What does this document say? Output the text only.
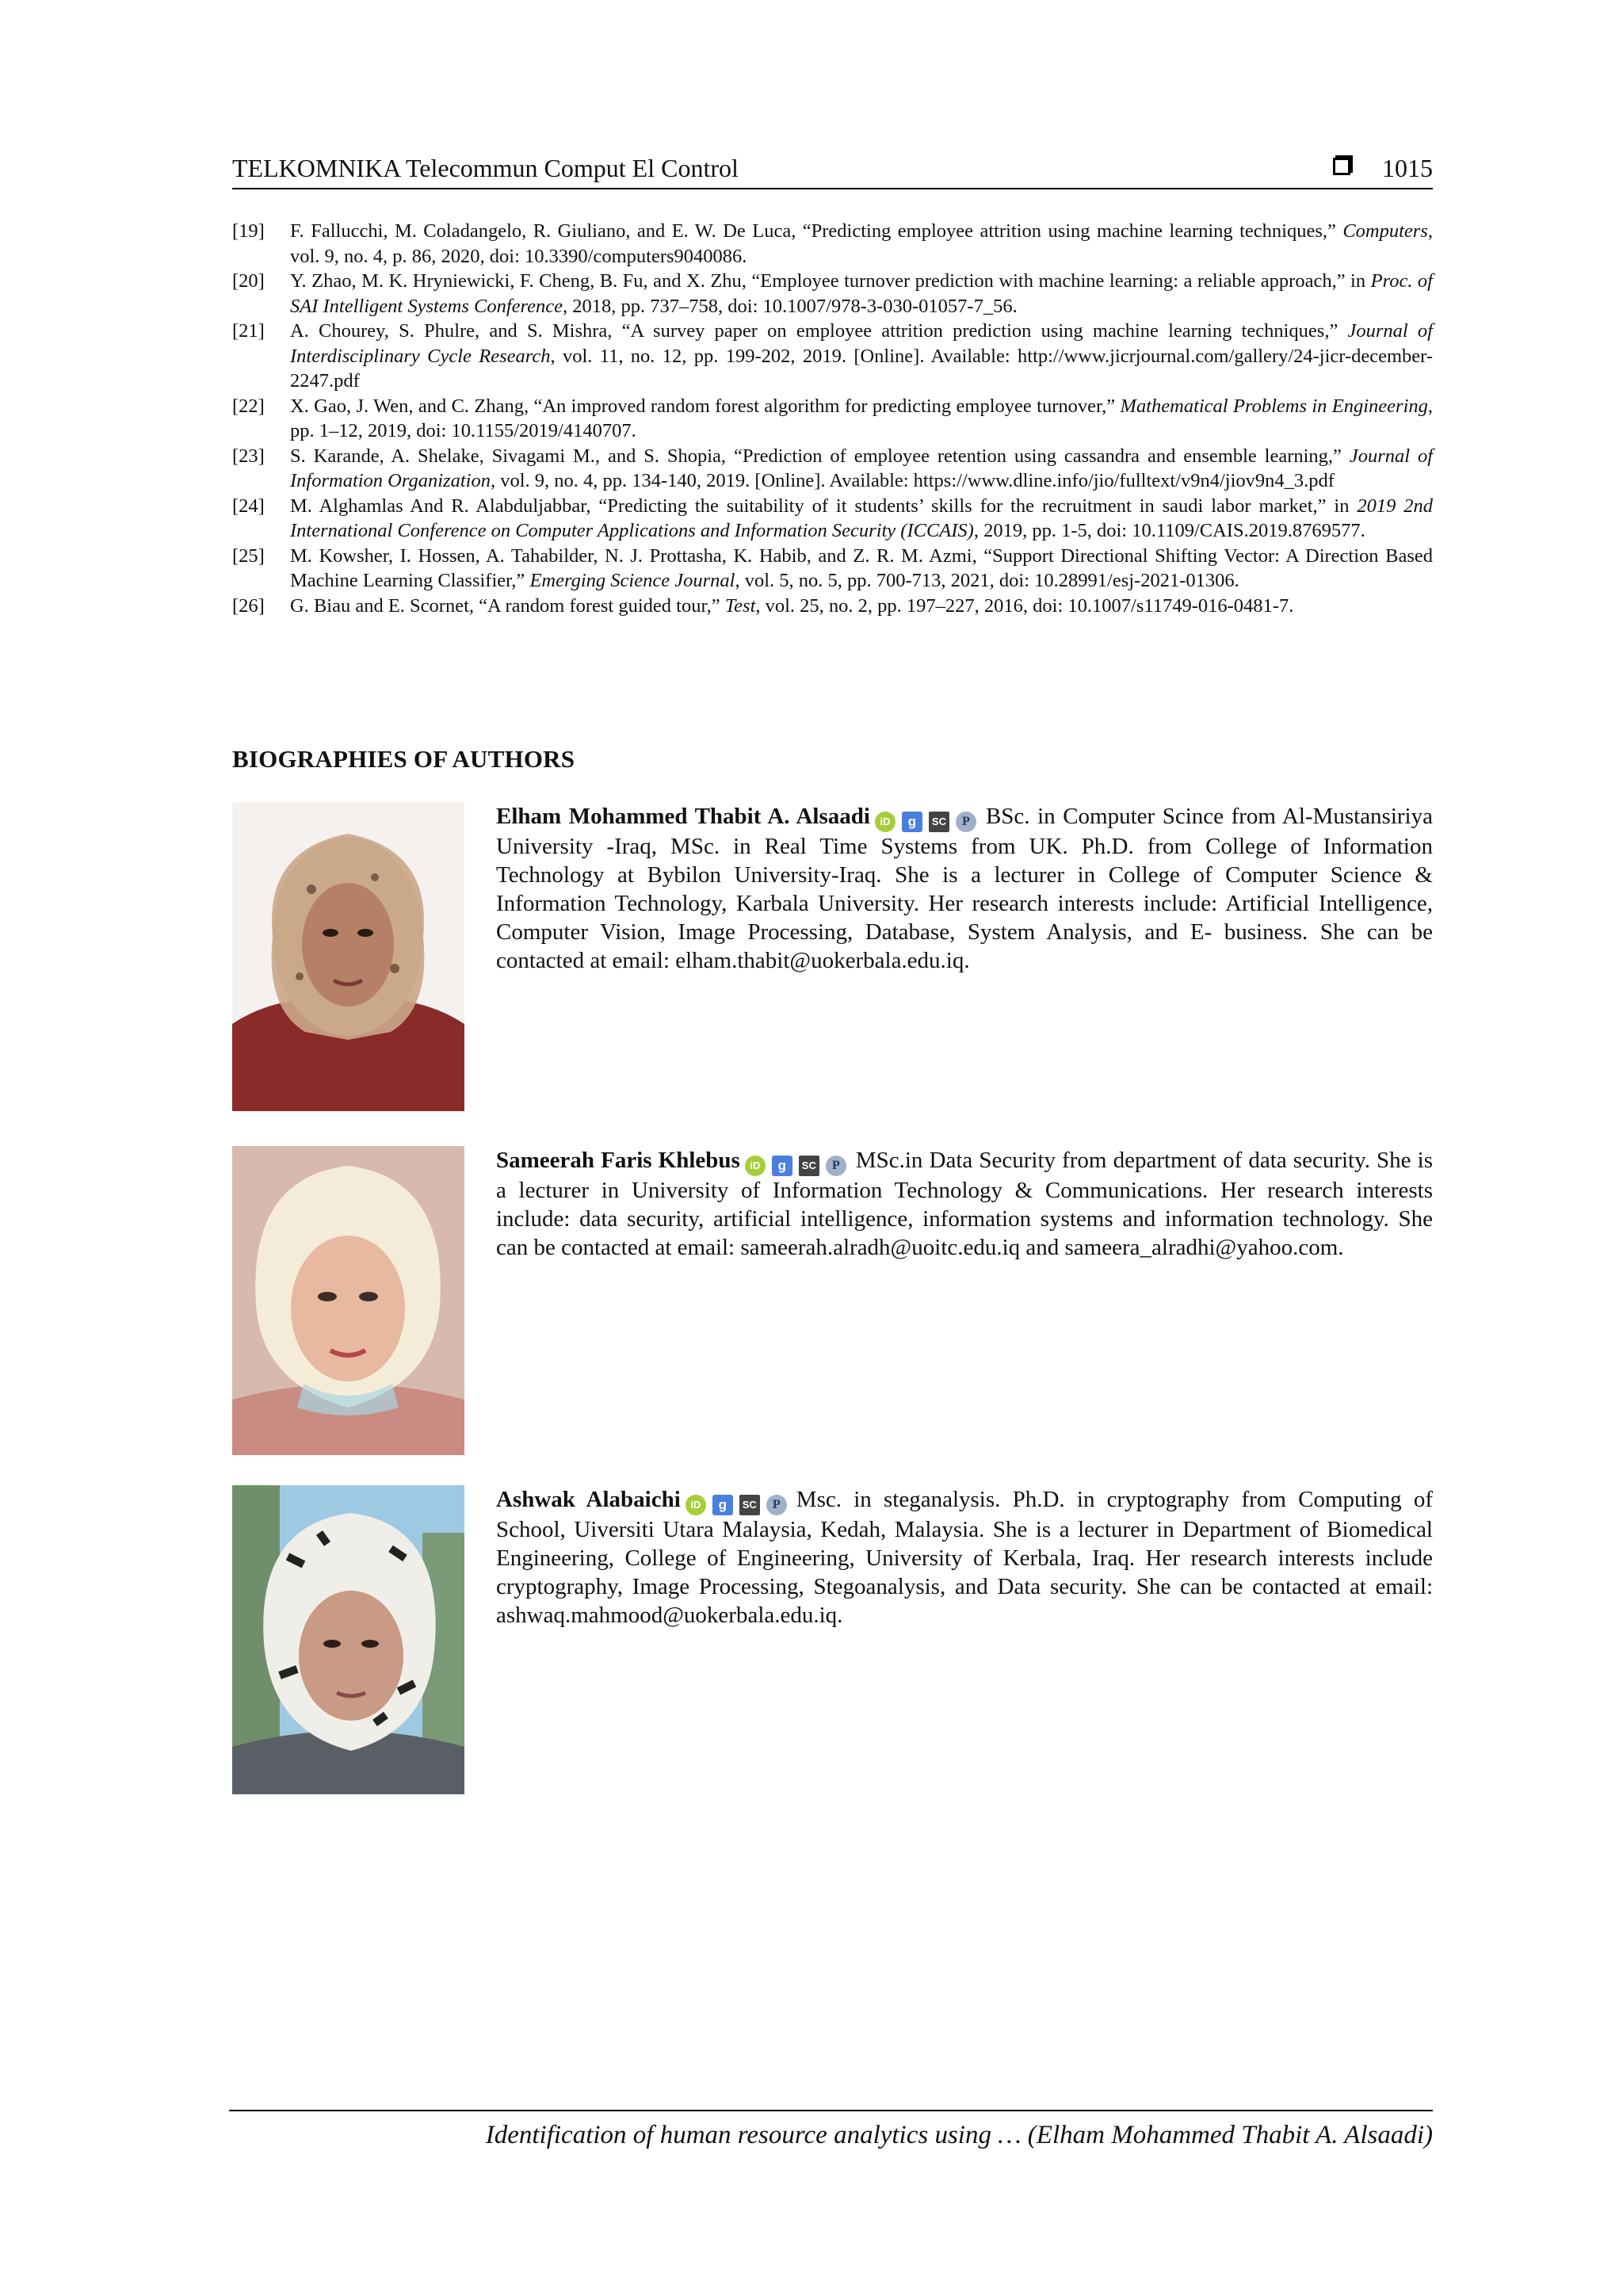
TELKOMNIKA Telecommun Comput El Control	1015
[19]	F. Fallucchi, M. Coladangelo, R. Giuliano, and E. W. De Luca, “Predicting employee attrition using machine learning techniques,” Computers, vol. 9, no. 4, p. 86, 2020, doi: 10.3390/computers9040086.
[20]	Y. Zhao, M. K. Hryniewicki, F. Cheng, B. Fu, and X. Zhu, “Employee turnover prediction with machine learning: a reliable approach,” in Proc. of SAI Intelligent Systems Conference, 2018, pp. 737–758, doi: 10.1007/978-3-030-01057-7_56.
[21]	A. Chourey, S. Phulre, and S. Mishra, “A survey paper on employee attrition prediction using machine learning techniques,” Journal of Interdisciplinary Cycle Research, vol. 11, no. 12, pp. 199-202, 2019. [Online]. Available: http://www.jicrjournal.com/gallery/24-jicr-december-2247.pdf
[22]	X. Gao, J. Wen, and C. Zhang, “An improved random forest algorithm for predicting employee turnover,” Mathematical Problems in Engineering, pp. 1–12, 2019, doi: 10.1155/2019/4140707.
[23]	S. Karande, A. Shelake, Sivagami M., and S. Shopia, “Prediction of employee retention using cassandra and ensemble learning,” Journal of Information Organization, vol. 9, no. 4, pp. 134-140, 2019. [Online]. Available: https://www.dline.info/jio/fulltext/v9n4/jiov9n4_3.pdf
[24]	M. Alghamlas And R. Alabduljabbar, “Predicting the suitability of it students’ skills for the recruitment in saudi labor market,” in 2019 2nd International Conference on Computer Applications and Information Security (ICCAIS), 2019, pp. 1-5, doi: 10.1109/CAIS.2019.8769577.
[25]	M. Kowsher, I. Hossen, A. Tahabilder, N. J. Prottasha, K. Habib, and Z. R. M. Azmi, “Support Directional Shifting Vector: A Direction Based Machine Learning Classifier,” Emerging Science Journal, vol. 5, no. 5, pp. 700-713, 2021, doi: 10.28991/esj-2021-01306.
[26]	G. Biau and E. Scornet, “A random forest guided tour,” Test, vol. 25, no. 2, pp. 197–227, 2016, doi: 10.1007/s11749-016-0481-7.
BIOGRAPHIES OF AUTHORS
Elham Mohammed Thabit A. Alsaadi iD	g	SC	P BSc. in Computer Scince from Al-Mustansiriya University -Iraq, MSc. in Real Time Systems from UK. Ph.D. from College of Information Technology at Bybilon University-Iraq. She is a lecturer in College of Computer Science & Information Technology, Karbala University. Her research interests include: Artificial Intelligence, Computer Vision, Image Processing, Database, System Analysis, and E- business. She can be contacted at email: elham.thabit@uokerbala.edu.iq.
Sameerah Faris Khlebus iD	g	SC	P MSc.in Data Security from department of data security. She is a lecturer in University of Information Technology & Communications. Her research interests include: data security, artificial intelligence, information systems and information technology. She can be contacted at email: sameerah.alradh@uoitc.edu.iq and sameera_alradhi@yahoo.com.
Ashwak Alabaichi iD	g	SC	P Msc. in steganalysis. Ph.D. in cryptography from Computing of School, Uiversiti Utara Malaysia, Kedah, Malaysia. She is a lecturer in Department of Biomedical Engineering, College of Engineering, University of Kerbala, Iraq. Her research interests include cryptography, Image Processing, Stegoanalysis, and Data security. She can be contacted at email: ashwaq.mahmood@uokerbala.edu.iq.
Identification of human resource analytics using … (Elham Mohammed Thabit A. Alsaadi)
